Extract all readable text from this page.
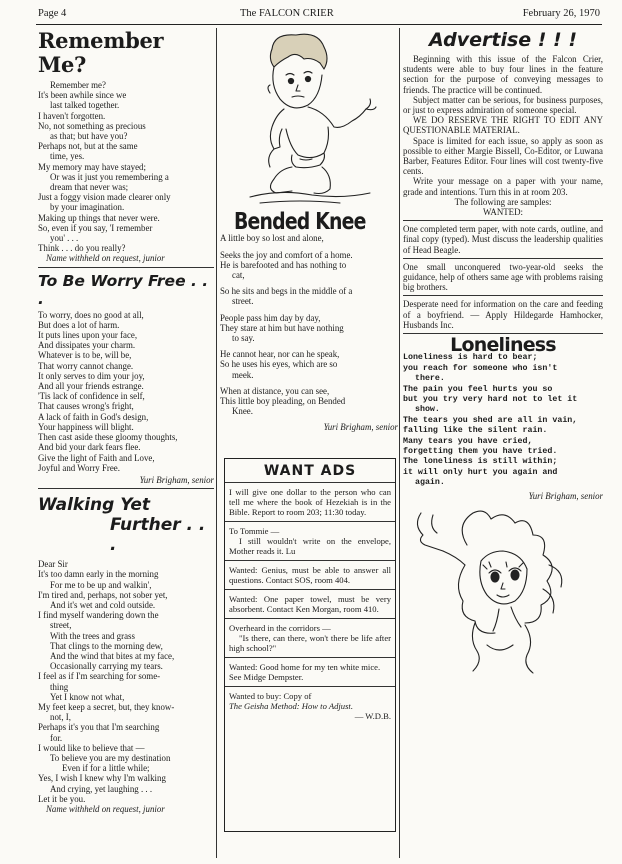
Page 4	The FALCON CRIER	February 26, 1970
Remember Me?

Remember me?

It's been awhile since we

last talked together.

I haven't forgotten.

No, not something as precious

as that; but have you?

Perhaps not, but at the same

time, yes.

My memory may have stayed;

Or was it just you remembering a

dream that never was;

Just a foggy vision made clearer only

by your imagination.

Making up things that never were.

So, even if you say, 'I remember

you' . . .

Think . . . do you really?

Name withheld on request, junior

To Be Worry Free . . .

To worry, does no good at all,

But does a lot of harm.

It puts lines upon your face,

And dissipates your charm.

Whatever is to be, will be,

That worry cannot change.

It only serves to dim your joy,

And all your friends estrange.

'Tis lack of confidence in self,

That causes wrong's fright,

A lack of faith in God's design,

Your happiness will blight.

Then cast aside these gloomy thoughts,

And bid your dark fears flee.

Give the light of Faith and Love,

Joyful and Worry Free.

Yuri Brigham, senior

Walking Yet
Further . . .

Dear Sir

It's too damn early in the morning

For me to be up and walkin',

I'm tired and, perhaps, not sober yet,

And it's wet and cold outside.

I find myself wandering down the

street,

With the trees and grass

That clings to the morning dew,

And the wind that bites at my face,

Occasionally carrying my tears.

I feel as if I'm searching for some-

thing

Yet I know not what,

My feet keep a secret, but, they know-

not, I,

Perhaps it's you that I'm searching

for.

I would like to believe that —

To believe you are my destination

Even if for a little while;

Yes, I wish I knew why I'm walking

And crying, yet laughing . . .

Let it be you.

Name withheld on request, junior

Bended Knee

A little boy so lost and alone,

Seeks the joy and comfort of a home.

He is barefooted and has nothing to

cat,

So he sits and begs in the middle of a

street.

People pass him day by day,

They stare at him but have nothing

to say.

He cannot hear, nor can he speak,

So he uses his eyes, which are so

meek.

When at distance, you can see,

This little boy pleading, on Bended

Knee.

Yuri Brigham, senior

WANT ADS

I will give one dollar to the person who can tell me where the book of Hezekiah is in the Bible. Report to room 203; 11:30 today.

To Tommie —

I still wouldn't write on the envelope, Mother reads it. Lu

Wanted: Genius, must be able to answer all questions. Contact SOS, room 404.

Wanted: One paper towel, must be very absorbent. Contact Ken Morgan, room 410.

Overheard in the corridors —

"Is there, can there, won't there be life after high school?"

Wanted: Good home for my ten white mice. See Midge Dempster.

Wanted to buy: Copy of

The Geisha Method: How to Adjust.

— W.D.B.

Advertise ! ! !

Beginning with this issue of the Falcon Crier, students were able to buy four lines in the feature section for the purpose of conveying messages to friends. The practice will be continued.

Subject matter can be serious, for business purposes, or just to express admiration of someone special.

WE DO RESERVE THE RIGHT TO EDIT ANY QUESTIONABLE MATERIAL.

Space is limited for each issue, so apply as soon as possible to either Margie Bissell, Co-Editor, or Luwana Barber, Features Editor. Four lines will cost twenty-five cents.

Write your message on a paper with your name, grade and intentions. Turn this in at room 203.

The following are samples:

WANTED:

One completed term paper, with note cards, outline, and final copy (typed). Must discuss the leadership qualities of Head Beagle.

One small unconquered two-year-old seeks the guidance, help of others same age with problems raising big brothers.

Desperate need for information on the care and feeding of a boyfriend. — Apply Hildegarde Hamhocker, Husbands Inc.

Loneliness

Loneliness is hard to bear;

you reach for someone who isn't

there.

The pain you feel hurts you so

but you try very hard not to let it

show.

The tears you shed are all in vain,

falling like the silent rain.

Many tears you have cried,

forgetting them you have tried.

The loneliness is still within;

it will only hurt you again and

again.

Yuri Brigham, senior
